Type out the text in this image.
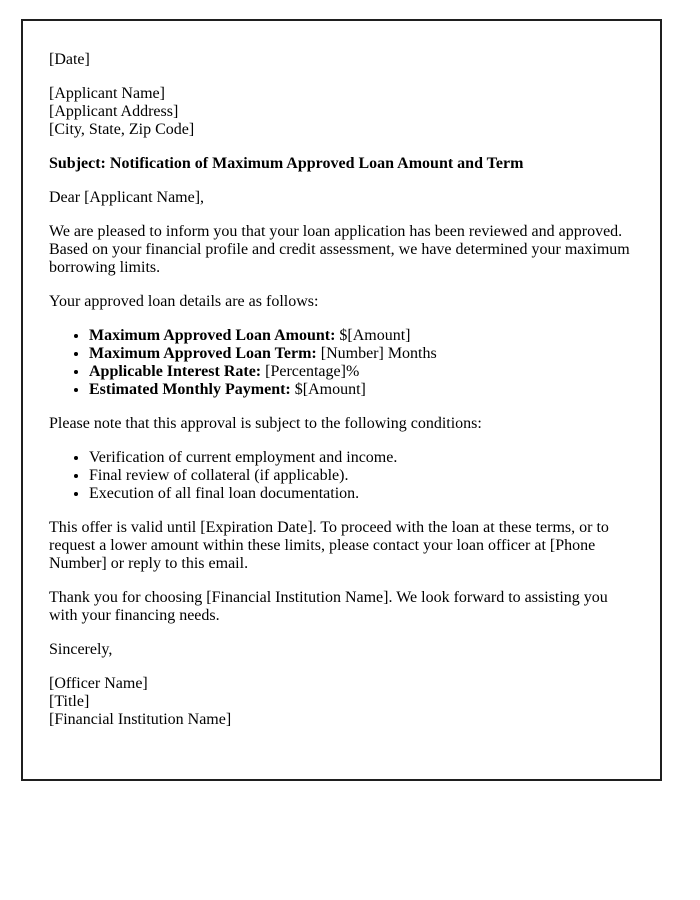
[Date]

[Applicant Name]
[Applicant Address]
[City, State, Zip Code]

Subject: Notification of Maximum Approved Loan Amount and Term

Dear [Applicant Name],

We are pleased to inform you that your loan application has been reviewed and approved. Based on your financial profile and credit assessment, we have determined your maximum borrowing limits.

Your approved loan details are as follows:

• Maximum Approved Loan Amount: $[Amount]
• Maximum Approved Loan Term: [Number] Months
• Applicable Interest Rate: [Percentage]%
• Estimated Monthly Payment: $[Amount]

Please note that this approval is subject to the following conditions:

• Verification of current employment and income.
• Final review of collateral (if applicable).
• Execution of all final loan documentation.

This offer is valid until [Expiration Date]. To proceed with the loan at these terms, or to request a lower amount within these limits, please contact your loan officer at [Phone Number] or reply to this email.

Thank you for choosing [Financial Institution Name]. We look forward to assisting you with your financing needs.

Sincerely,

[Officer Name]
[Title]
[Financial Institution Name]
